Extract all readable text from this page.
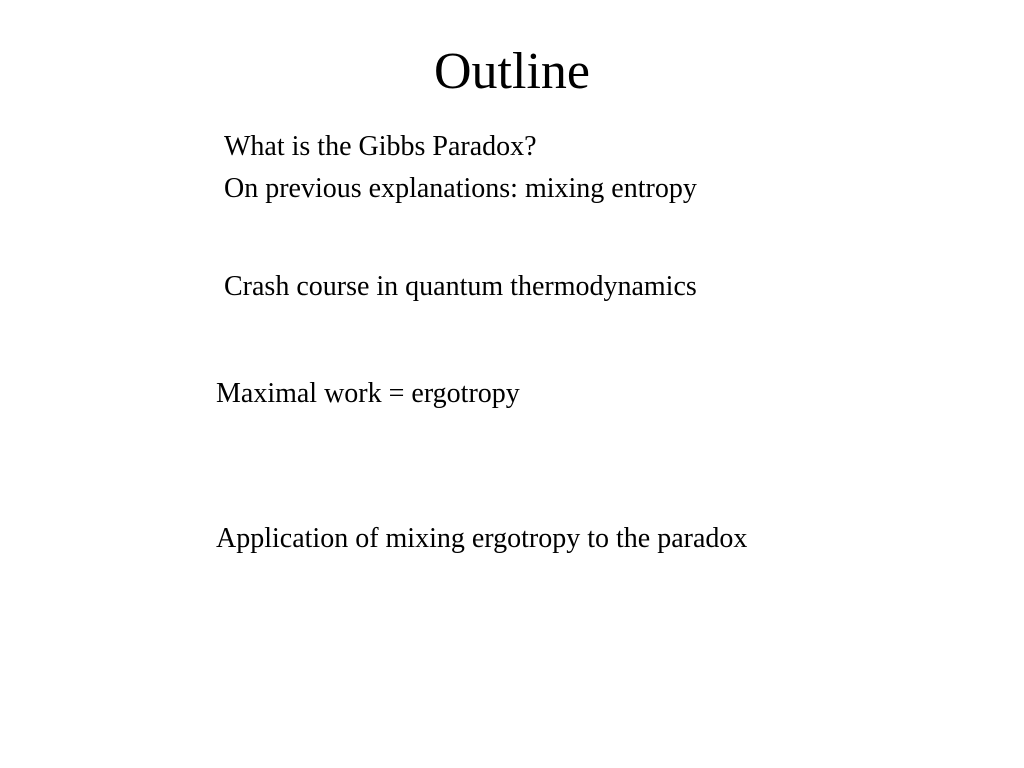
Outline

What is the Gibbs Paradox?

On previous explanations: mixing entropy

Crash course in quantum thermodynamics

Maximal work = ergotropy

Application of mixing ergotropy to the paradox
